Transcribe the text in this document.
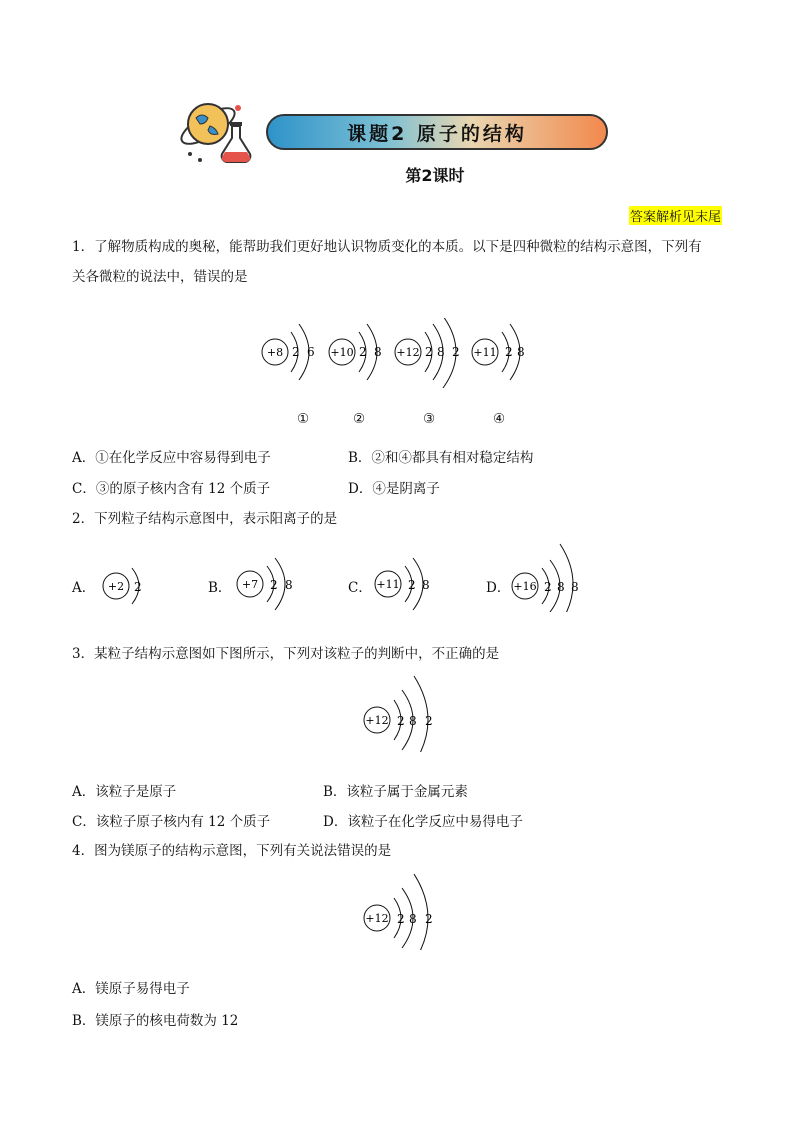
课题2 原子的结构
第2课时
答案解析见末尾
1．了解物质构成的奥秘，能帮助我们更好地认识物质变化的本质。以下是四种微粒的结构示意图，下列有
关各微粒的说法中，错误的是
+8 2 6 +10 2 8 +12 2 8 2 +11 2 8
①	②	③	④
A．①在化学反应中容易得到电子	B．②和④都具有相对稳定结构
C．③的原子核内含有 12 个质子	D．④是阴离子
2．下列粒子结构示意图中，表示阳离子的是
A． +2 2	B． +7 2 8	C． +11 2 8	D． +16 2 8 8
3．某粒子结构示意图如下图所示，下列对该粒子的判断中，不正确的是
+12 2 8 2
A．该粒子是原子	B．该粒子属于金属元素
C．该粒子原子核内有 12 个质子	D．该粒子在化学反应中易得电子
4．图为镁原子的结构示意图，下列有关说法错误的是
+12 2 8 2
A．镁原子易得电子
B．镁原子的核电荷数为 12
